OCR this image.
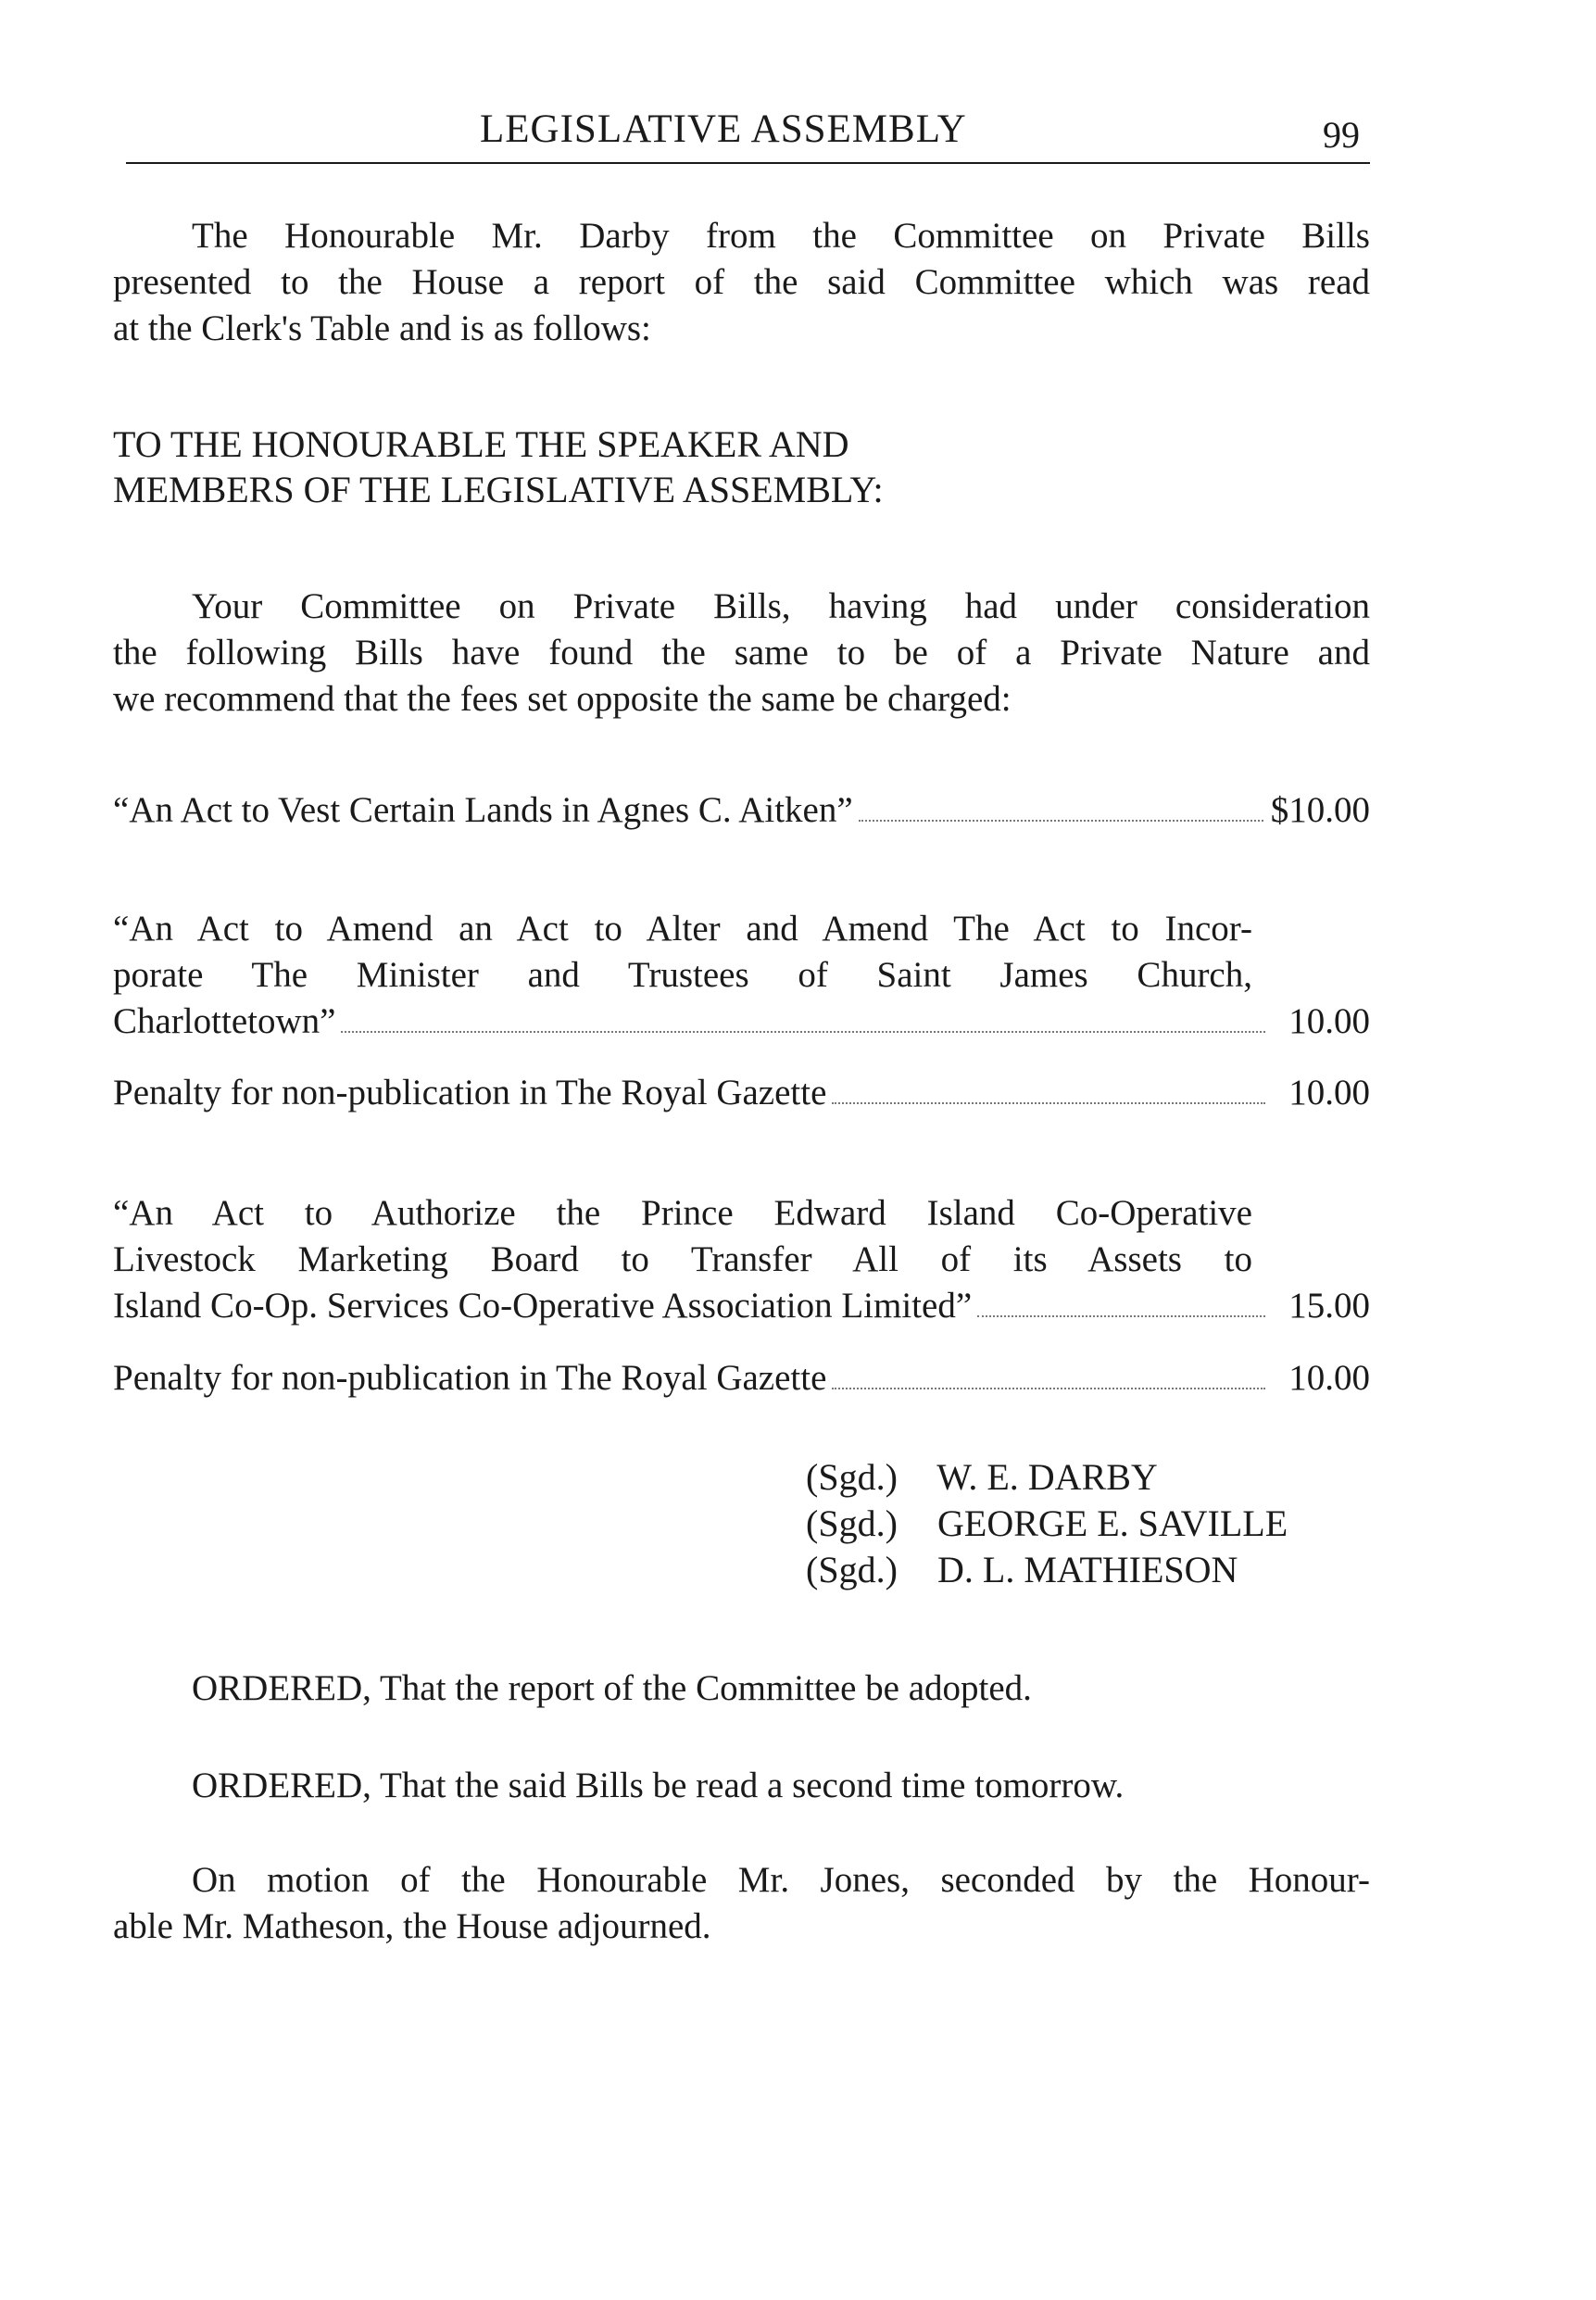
LEGISLATIVE ASSEMBLY	99
The Honourable Mr. Darby from the Committee on Private Bills
presented to the House a report of the said Committee which was read
at the Clerk's Table and is as follows:
TO THE HONOURABLE THE SPEAKER AND
MEMBERS OF THE LEGISLATIVE ASSEMBLY:
Your Committee on Private Bills, having had under consideration
the following Bills have found the same to be of a Private Nature and
we recommend that the fees set opposite the same be charged:
“An Act to Vest Certain Lands in Agnes C. Aitken”	$10.00
“An Act to Amend an Act to Alter and Amend The Act to Incor-
porate The Minister and Trustees of Saint James Church,
Charlottetown”	10.00
Penalty for non-publication in The Royal Gazette	10.00
“An Act to Authorize the Prince Edward Island Co-Operative
Livestock Marketing Board to Transfer All of its Assets to
Island Co-Op. Services Co-Operative Association Limited”	15.00
Penalty for non-publication in The Royal Gazette	10.00
(Sgd.) W. E. DARBY
(Sgd.) GEORGE E. SAVILLE
(Sgd.) D. L. MATHIESON
ORDERED, That the report of the Committee be adopted.
ORDERED, That the said Bills be read a second time tomorrow.
On motion of the Honourable Mr. Jones, seconded by the Honour-
able Mr. Matheson, the House adjourned.
